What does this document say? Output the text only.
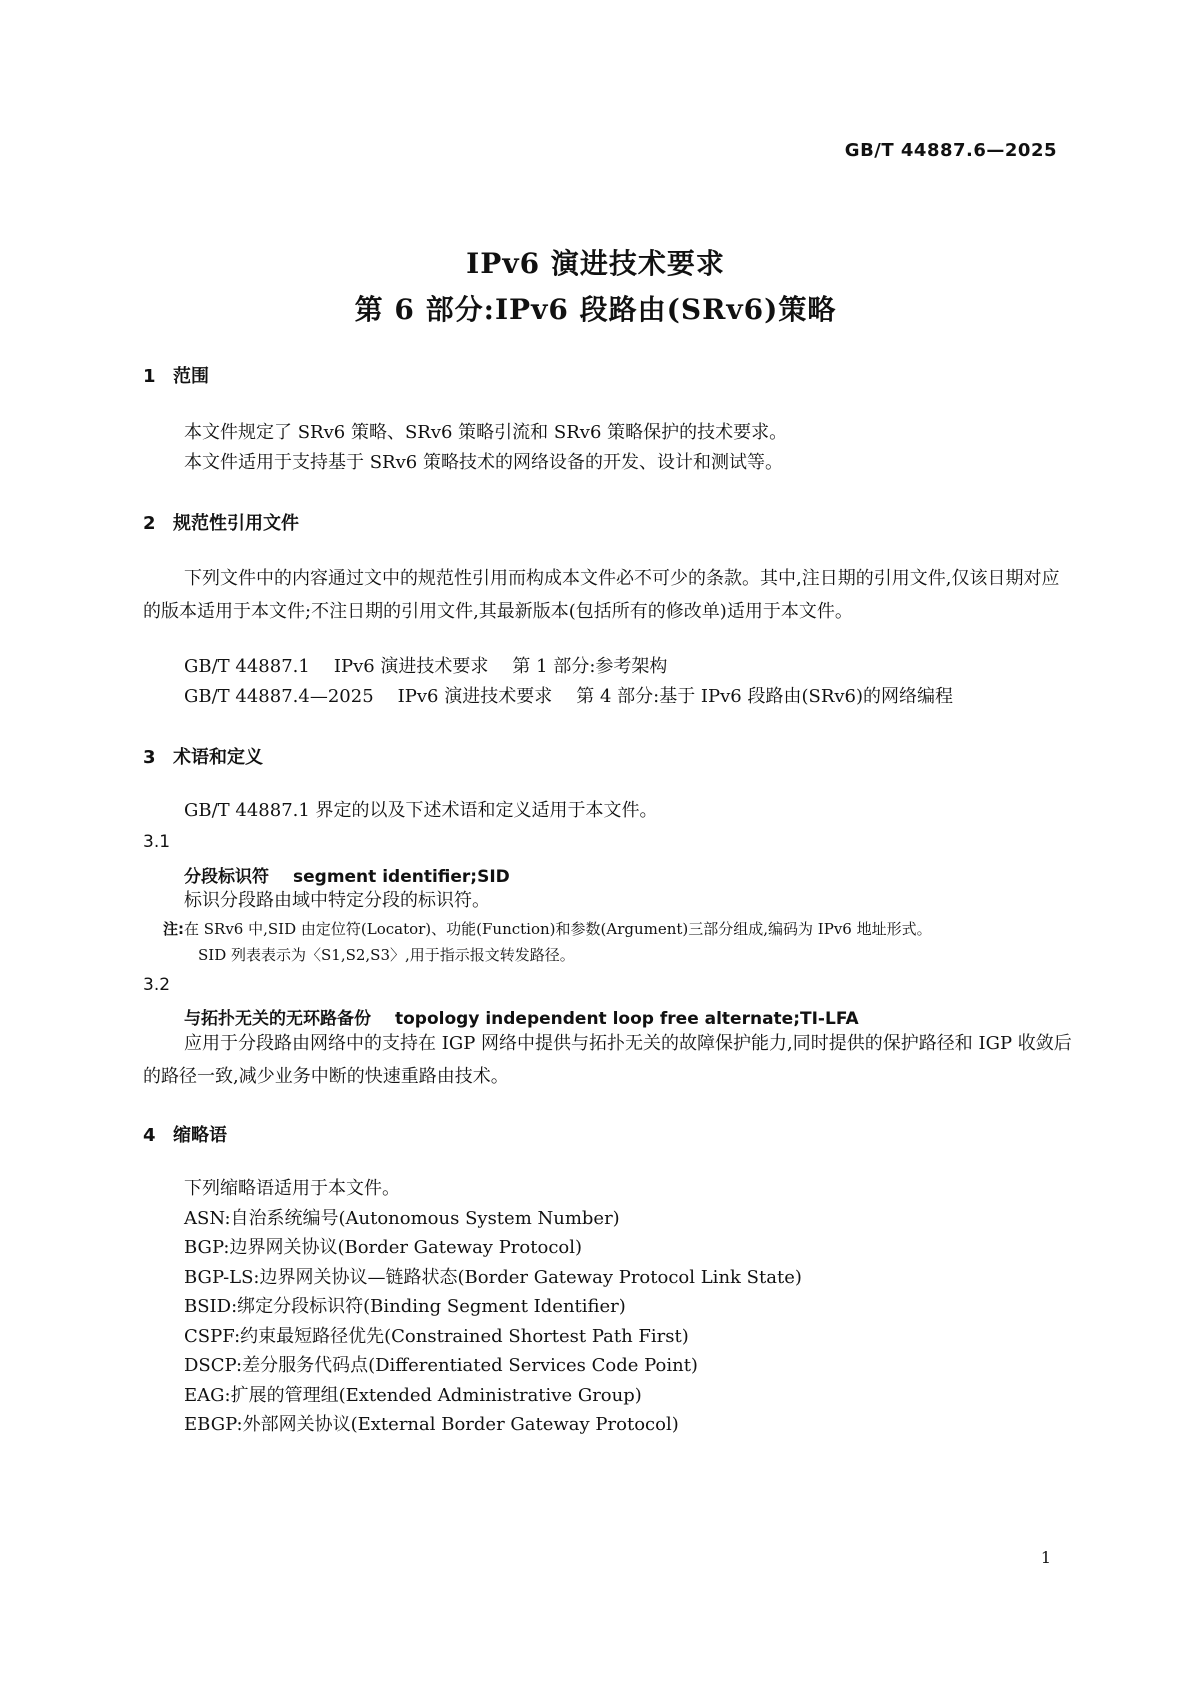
GB/T 44887.6—2025
IPv6 演进技术要求
第 6 部分:IPv6 段路由(SRv6)策略
1 范围
本文件规定了 SRv6 策略、SRv6 策略引流和 SRv6 策略保护的技术要求。
本文件适用于支持基于 SRv6 策略技术的网络设备的开发、设计和测试等。
2 规范性引用文件
下列文件中的内容通过文中的规范性引用而构成本文件必不可少的条款。其中,注日期的引用文件,仅该日期对应的版本适用于本文件;不注日期的引用文件,其最新版本(包括所有的修改单)适用于本文件。
GB/T 44887.1 IPv6 演进技术要求 第 1 部分:参考架构
GB/T 44887.4—2025 IPv6 演进技术要求 第 4 部分:基于 IPv6 段路由(SRv6)的网络编程
3 术语和定义
GB/T 44887.1 界定的以及下述术语和定义适用于本文件。
3.1
分段标识符 segment identifier;SID
标识分段路由域中特定分段的标识符。
注:在 SRv6 中,SID 由定位符(Locator)、功能(Function)和参数(Argument)三部分组成,编码为 IPv6 地址形式。
SID 列表表示为〈S1,S2,S3〉,用于指示报文转发路径。
3.2
与拓扑无关的无环路备份 topology independent loop free alternate;TI-LFA
应用于分段路由网络中的支持在 IGP 网络中提供与拓扑无关的故障保护能力,同时提供的保护路径和 IGP 收敛后的路径一致,减少业务中断的快速重路由技术。
4 缩略语
下列缩略语适用于本文件。
ASN:自治系统编号(Autonomous System Number)
BGP:边界网关协议(Border Gateway Protocol)
BGP-LS:边界网关协议—链路状态(Border Gateway Protocol Link State)
BSID:绑定分段标识符(Binding Segment Identifier)
CSPF:约束最短路径优先(Constrained Shortest Path First)
DSCP:差分服务代码点(Differentiated Services Code Point)
EAG:扩展的管理组(Extended Administrative Group)
EBGP:外部网关协议(External Border Gateway Protocol)
1
